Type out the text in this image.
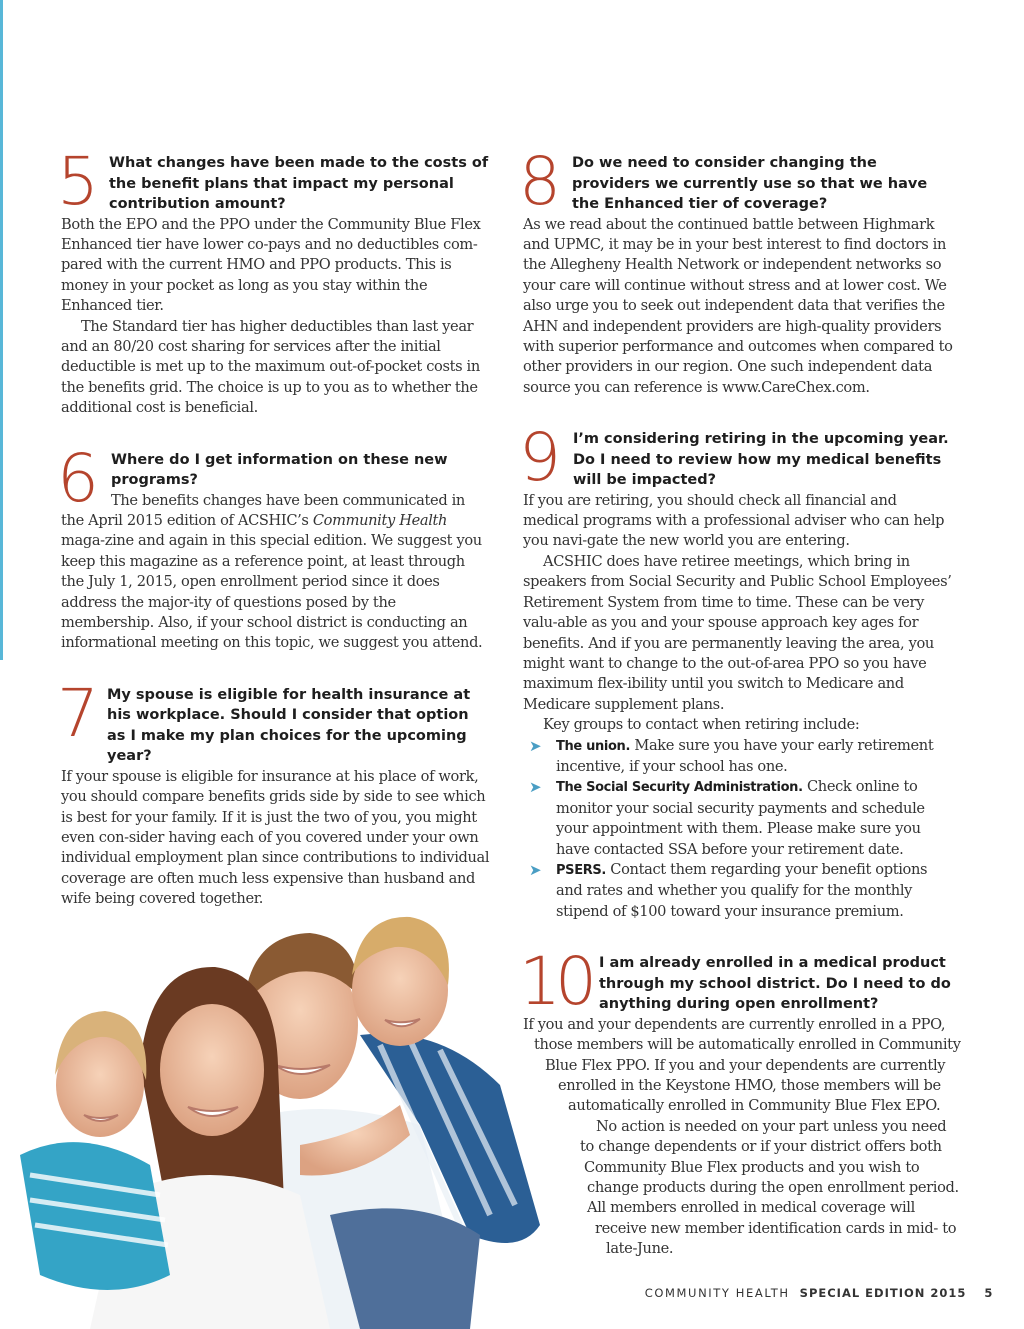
5 What changes have been made to the costs of the benefit plans that impact my personal contribution amount?

Both the EPO and the PPO under the Community Blue Flex Enhanced tier have lower co-pays and no deductibles com-pared with the current HMO and PPO products. This is money in your pocket as long as you stay within the Enhanced tier.

The Standard tier has higher deductibles than last year and an 80/20 cost sharing for services after the initial deductible is met up to the maximum out-of-pocket costs in the benefits grid. The choice is up to you as to whether the additional cost is beneficial.

6	Where do I get information on these new programs?

The benefits changes have been communicated in the April 2015 edition of ACSHIC’s Community Health maga-zine and again in this special edition. We suggest you keep this magazine as a reference point, at least through the July 1, 2015, open enrollment period since it does address the major-ity of questions posed by the membership. Also, if your school district is conducting an informational meeting on this topic, we suggest you attend.

7 My spouse is eligible for health insurance at his workplace. Should I consider that option as I make my plan choices for the upcoming year?

If your spouse is eligible for insurance at his place of work, you should compare benefits grids side by side to see which is best for your family. If it is just the two of you, you might even con-sider having each of you covered under your own individual employment plan since contributions to individual coverage are often much less expensive than husband and wife being covered together.

8 Do we need to consider changing the providers we currently use so that we have the Enhanced tier of coverage?

As we read about the continued battle between Highmark and UPMC, it may be in your best interest to find doctors in the Allegheny Health Network or independent networks so your care will continue without stress and at lower cost. We also urge you to seek out independent data that verifies the AHN and independent providers are high-quality providers with superior performance and outcomes when compared to other providers in our region. One such independent data source you can reference is www.CareChex.com.

9	I’m considering retiring in the upcoming year. Do I need to review how my medical benefits will be impacted?

If you are retiring, you should check all financial and medical programs with a professional adviser who can help you navi-gate the new world you are entering.

ACSHIC does have retiree meetings, which bring in speakers from Social Security and Public School Employees’ Retirement System from time to time. These can be very valu-able as you and your spouse approach key ages for benefits. And if you are permanently leaving the area, you might want to change to the out-of-area PPO so you have maximum flex-ibility until you switch to Medicare and Medicare supplement plans.

Key groups to contact when retiring include:

➤ The union. Make sure you have your early retirement incentive, if your school has one.
➤ The Social Security Administration. Check online to monitor your social security payments and schedule your appointment with them. Please make sure you have contacted SSA before your retirement date.
➤ PSERS. Contact them regarding your benefit options and rates and whether you qualify for the monthly stipend of $100 toward your insurance premium.
10 I am already enrolled in a medical product through my school district. Do I need to do anything during open enrollment?

If you and your dependents are currently enrolled in a PPO,
those members will be automatically enrolled in Community
Blue Flex PPO. If you and your dependents are currently
enrolled in the Keystone HMO, those members will be
automatically enrolled in Community Blue Flex EPO.
No action is needed on your part unless you need
to change dependents or if your district offers both
Community Blue Flex products and you wish to
change products during the open enrollment period.
All members enrolled in medical coverage will
receive new member identification cards in mid- to
late-June.
COMMUNITY HEALTH SPECIAL EDITION 2015 5
